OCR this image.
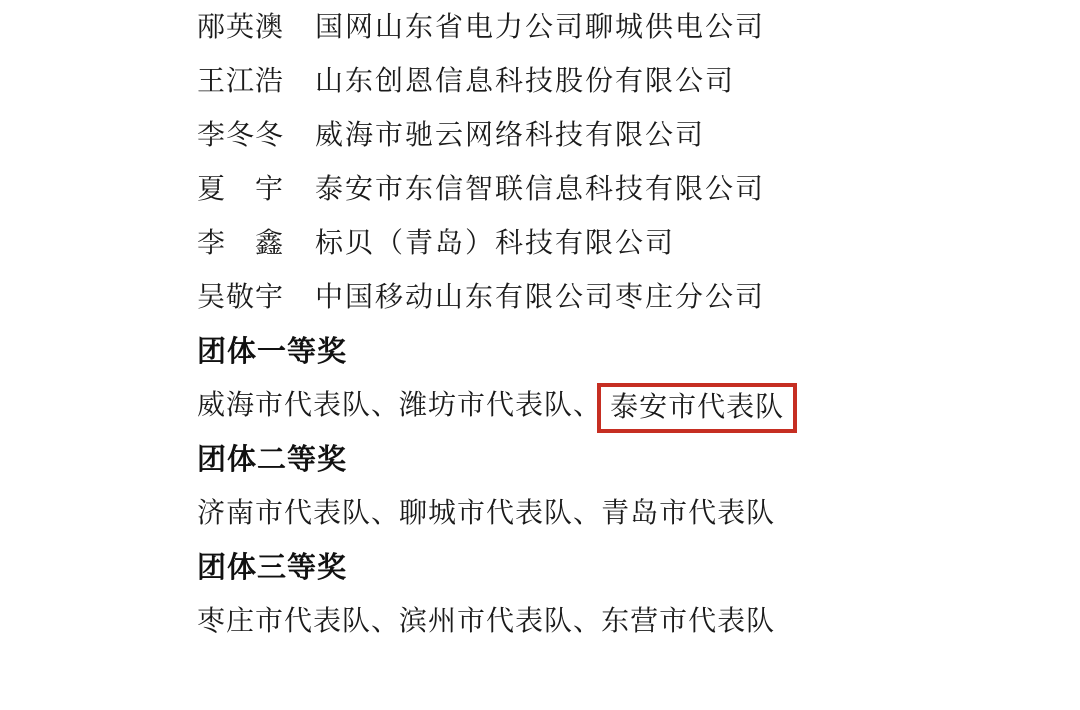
邴英澳 国网山东省电力公司聊城供电公司
王江浩 山东创恩信息科技股份有限公司
李冬冬 威海市驰云网络科技有限公司
夏　宇 泰安市东信智联信息科技有限公司
李　鑫 标贝（青岛）科技有限公司
吴敬宇 中国移动山东有限公司枣庄分公司
团体一等奖
威海市代表队、潍坊市代表队、 泰安市代表队
团体二等奖
济南市代表队、聊城市代表队、青岛市代表队
团体三等奖
枣庄市代表队、滨州市代表队、东营市代表队
